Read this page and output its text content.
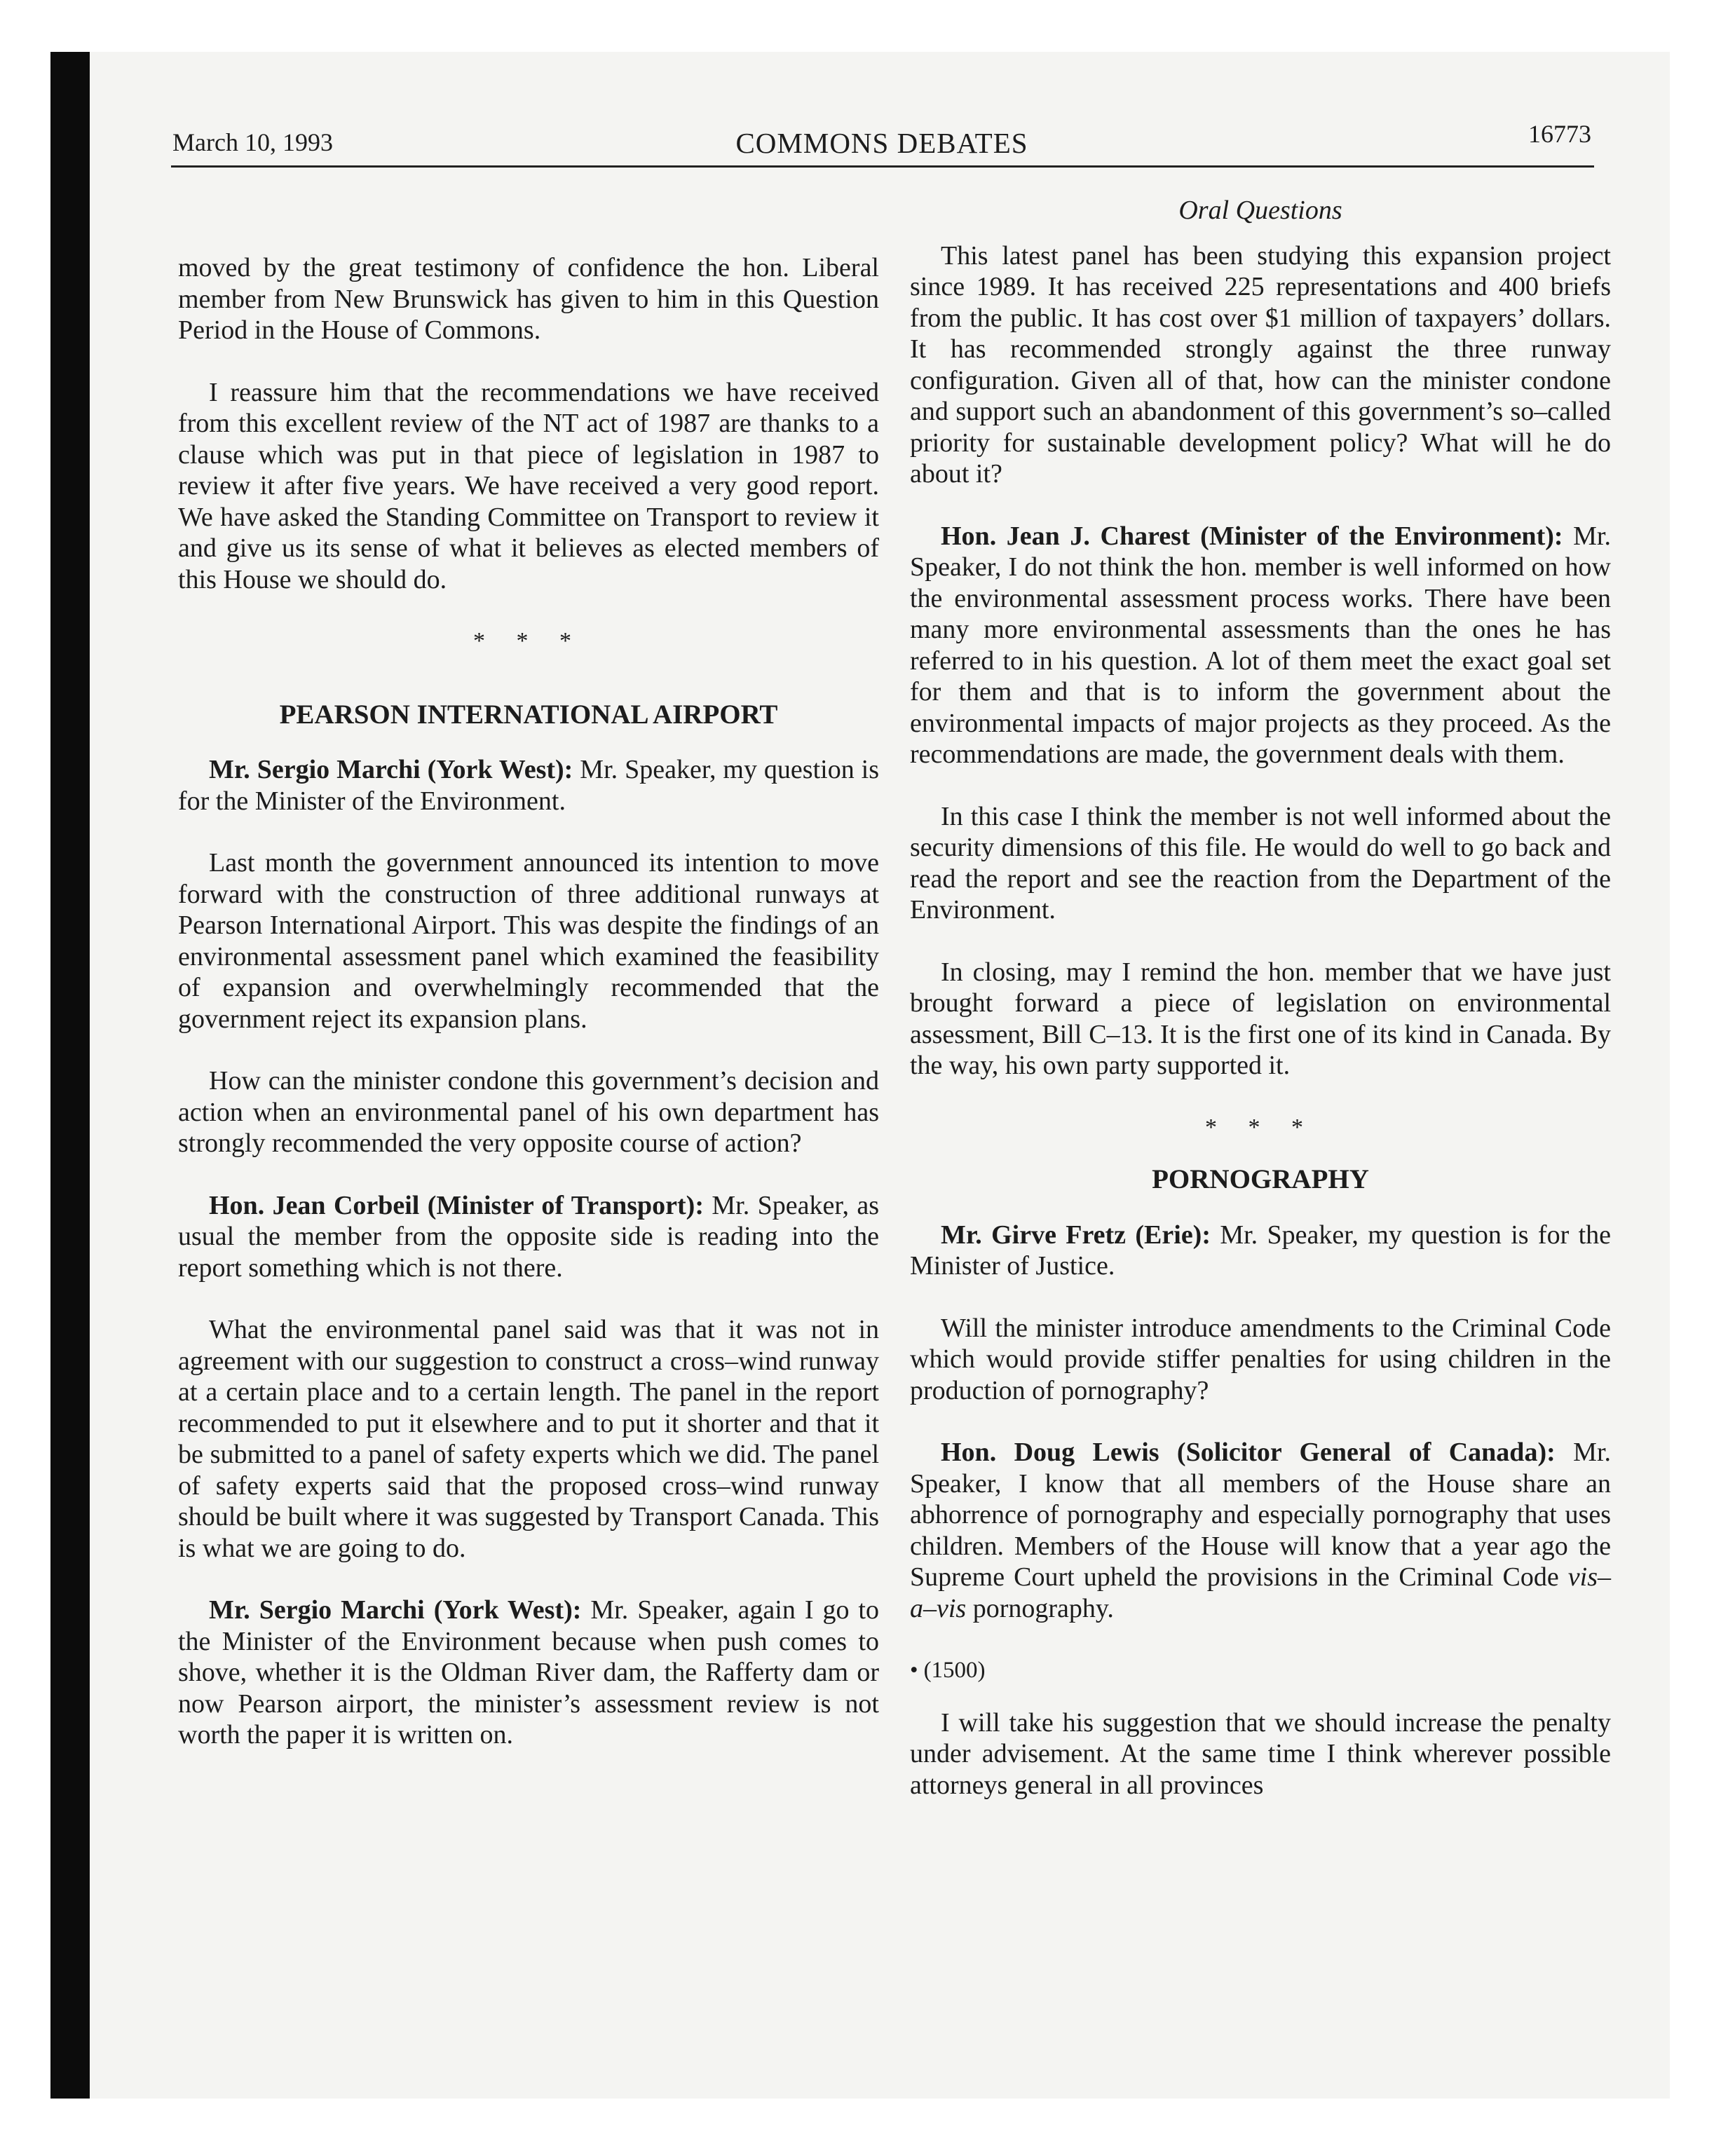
March 10, 1993	COMMONS DEBATES	16773

moved by the great testimony of confidence the hon. Liberal member from New Brunswick has given to him in this Question Period in the House of Commons.

I reassure him that the recommendations we have received from this excellent review of the NT act of 1987 are thanks to a clause which was put in that piece of legislation in 1987 to review it after five years. We have received a very good report. We have asked the Standing Committee on Transport to review it and give us its sense of what it believes as elected members of this House we should do.

* * *

PEARSON INTERNATIONAL AIRPORT

Mr. Sergio Marchi (York West): Mr. Speaker, my question is for the Minister of the Environment.

Last month the government announced its intention to move forward with the construction of three additional runways at Pearson International Airport. This was despite the findings of an environmental assessment panel which examined the feasibility of expansion and overwhelmingly recommended that the government reject its expansion plans.

How can the minister condone this government’s decision and action when an environmental panel of his own department has strongly recommended the very opposite course of action?

Hon. Jean Corbeil (Minister of Transport): Mr. Speaker, as usual the member from the opposite side is reading into the report something which is not there.

What the environmental panel said was that it was not in agreement with our suggestion to construct a cross–wind runway at a certain place and to a certain length. The panel in the report recommended to put it elsewhere and to put it shorter and that it be submitted to a panel of safety experts which we did. The panel of safety experts said that the proposed cross–wind runway should be built where it was suggested by Transport Canada. This is what we are going to do.

Mr. Sergio Marchi (York West): Mr. Speaker, again I go to the Minister of the Environment because when push comes to shove, whether it is the Oldman River dam, the Rafferty dam or now Pearson airport, the minister’s assessment review is not worth the paper it is written on.

Oral Questions

This latest panel has been studying this expansion project since 1989. It has received 225 representations and 400 briefs from the public. It has cost over $1 million of taxpayers’ dollars. It has recommended strongly against the three runway configuration. Given all of that, how can the minister condone and support such an abandonment of this government’s so–called priority for sustainable development policy? What will he do about it?

Hon. Jean J. Charest (Minister of the Environment): Mr. Speaker, I do not think the hon. member is well informed on how the environmental assessment process works. There have been many more environmental assessments than the ones he has referred to in his question. A lot of them meet the exact goal set for them and that is to inform the government about the environmental impacts of major projects as they proceed. As the recommendations are made, the government deals with them.

In this case I think the member is not well informed about the security dimensions of this file. He would do well to go back and read the report and see the reaction from the Department of the Environment.

In closing, may I remind the hon. member that we have just brought forward a piece of legislation on environmental assessment, Bill C–13. It is the first one of its kind in Canada. By the way, his own party supported it.

* * *

PORNOGRAPHY

Mr. Girve Fretz (Erie): Mr. Speaker, my question is for the Minister of Justice.

Will the minister introduce amendments to the Criminal Code which would provide stiffer penalties for using children in the production of pornography?

Hon. Doug Lewis (Solicitor General of Canada): Mr. Speaker, I know that all members of the House share an abhorrence of pornography and especially pornography that uses children. Members of the House will know that a year ago the Supreme Court upheld the provisions in the Criminal Code vis–a–vis pornography.

• (1500)

I will take his suggestion that we should increase the penalty under advisement. At the same time I think wherever possible attorneys general in all provinces
